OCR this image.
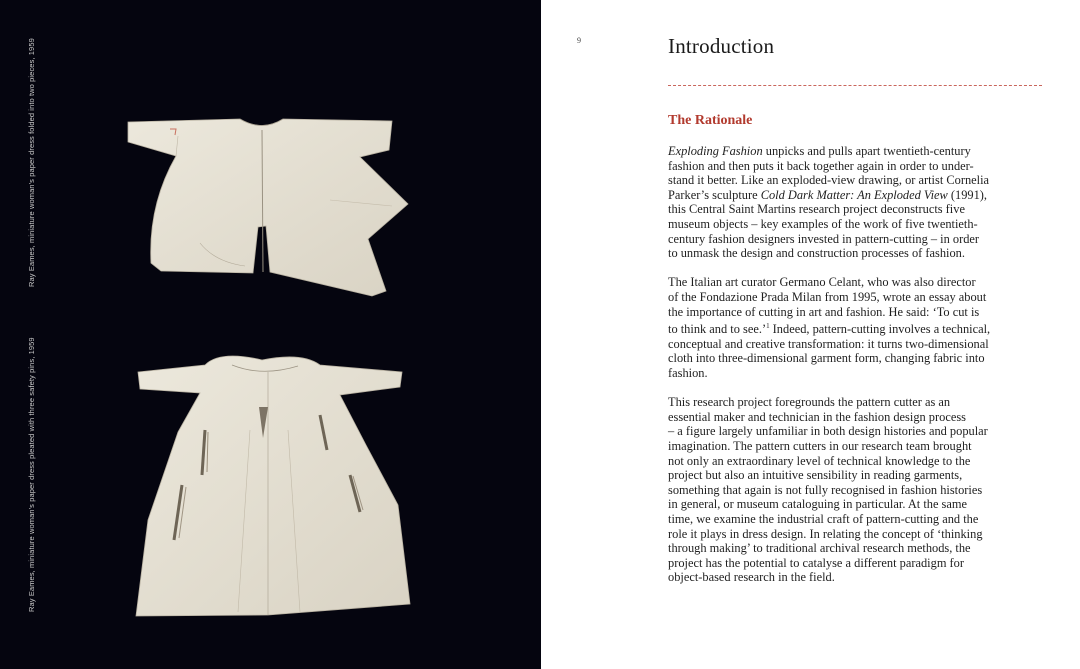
Ray Eames, miniature woman's paper dress folded into two pieces, 1959
Ray Eames, miniature woman's paper dress pleated with three safety pins, 1959
9	Introduction
The Rationale

Exploding Fashion unpicks and pulls apart twentieth-century
fashion and then puts it back together again in order to under-
stand it better. Like an exploded-view drawing, or artist Cornelia
Parker’s sculpture Cold Dark Matter: An Exploded View (1991),
this Central Saint Martins research project deconstructs five
museum objects – key examples of the work of five twentieth-
century fashion designers invested in pattern-cutting – in order
to unmask the design and construction processes of fashion.

The Italian art curator Germano Celant, who was also director
of the Fondazione Prada Milan from 1995, wrote an essay about
the importance of cutting in art and fashion. He said: ‘To cut is
to think and to see.’$^1$ Indeed, pattern-cutting involves a technical,
conceptual and creative transformation: it turns two-dimensional
cloth into three-dimensional garment form, changing fabric into
fashion.

This research project foregrounds the pattern cutter as an
essential maker and technician in the fashion design process
– a figure largely unfamiliar in both design histories and popular
imagination. The pattern cutters in our research team brought
not only an extraordinary level of technical knowledge to the
project but also an intuitive sensibility in reading garments,
something that again is not fully recognised in fashion histories
in general, or museum cataloguing in particular. At the same
time, we examine the industrial craft of pattern-cutting and the
role it plays in dress design. In relating the concept of ‘thinking
through making’ to traditional archival research methods, the
project has the potential to catalyse a different paradigm for
object-based research in the field.
